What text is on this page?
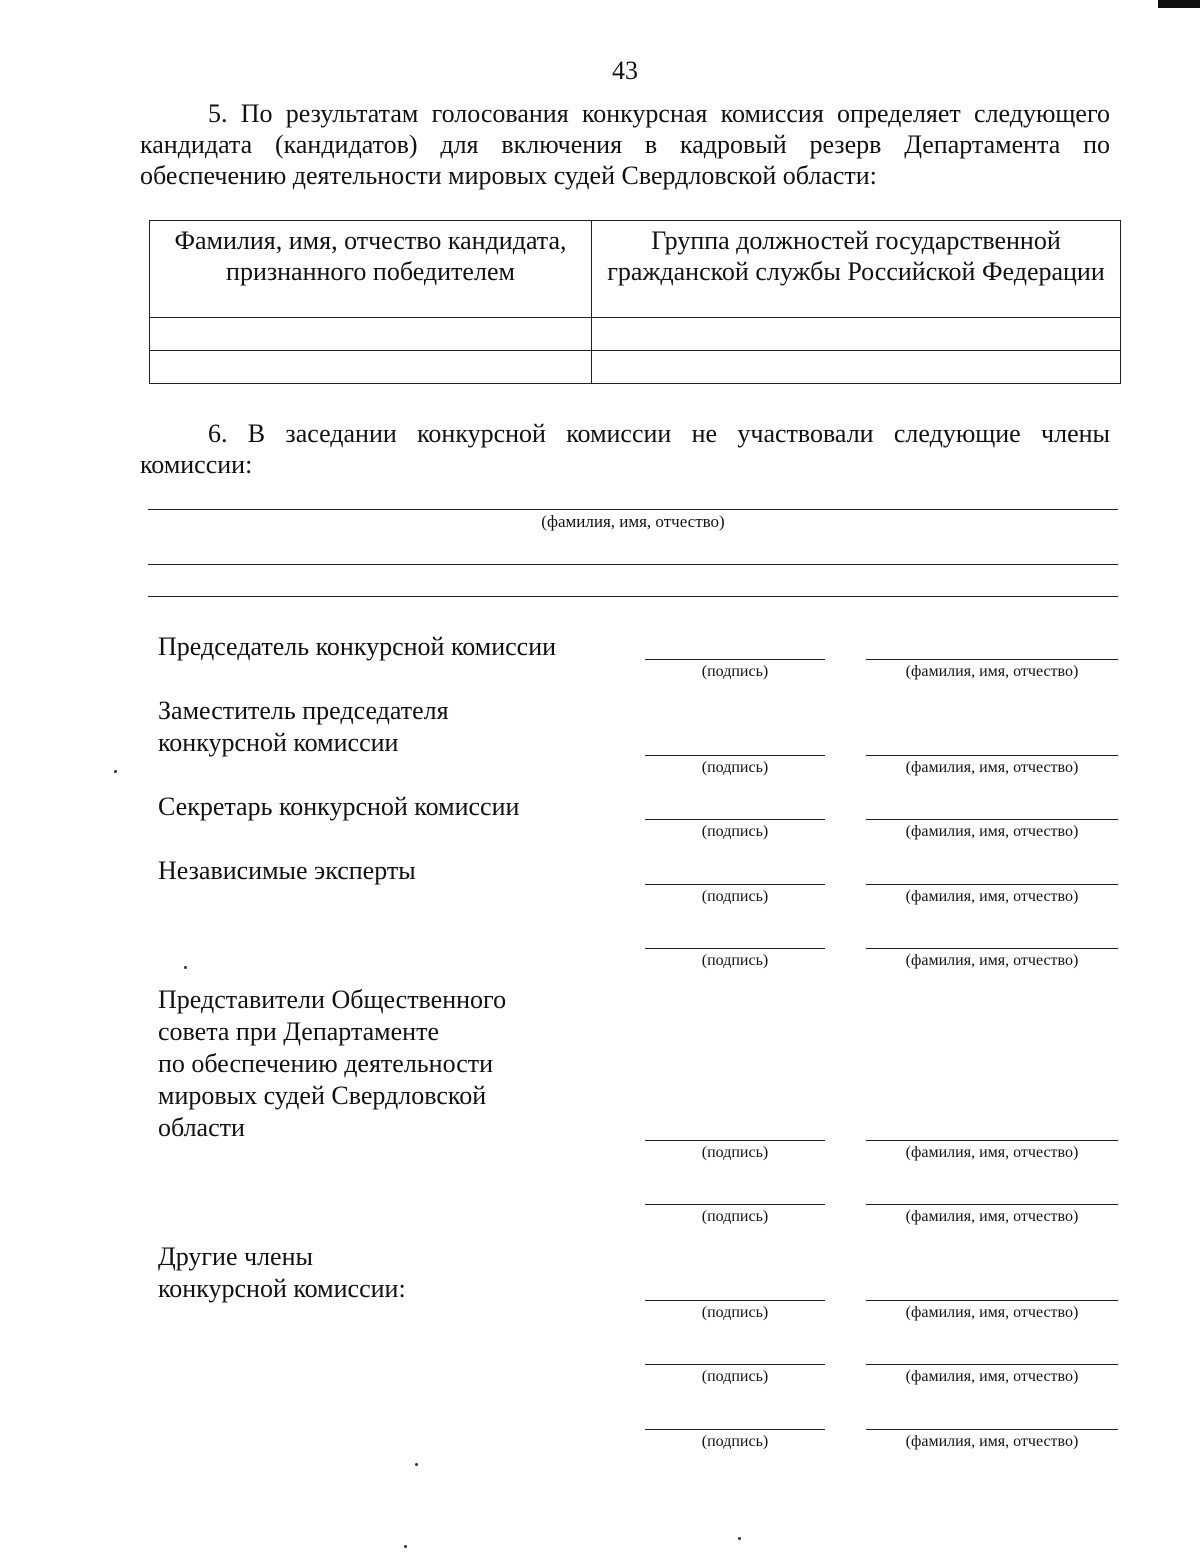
43
5. По результатам голосования конкурсная комиссия определяет следующего кандидата (кандидатов) для включения в кадровый резерв Департамента по обеспечению деятельности мировых судей Свердловской области:
Фамилия, имя, отчество кандидата, признанного победителем	Группа должностей государственной гражданской службы Российской Федерации

6. В заседании конкурсной комиссии не участвовали следующие члены комиссии:
(фамилия, имя, отчество)
Председатель конкурсной комиссии
(подпись)	(фамилия, имя, отчество)
Заместитель председателя
конкурсной комиссии
(подпись)	(фамилия, имя, отчество)
Секретарь конкурсной комиссии
(подпись)	(фамилия, имя, отчество)
Независимые эксперты
(подпись)	(фамилия, имя, отчество)
(подпись)	(фамилия, имя, отчество)
Представители Общественного
совета при Департаменте
по обеспечению деятельности
мировых судей Свердловской
области
(подпись)	(фамилия, имя, отчество)
(подпись)	(фамилия, имя, отчество)
Другие члены
конкурсной комиссии:
(подпись)	(фамилия, имя, отчество)
(подпись)	(фамилия, имя, отчество)
(подпись)	(фамилия, имя, отчество)
